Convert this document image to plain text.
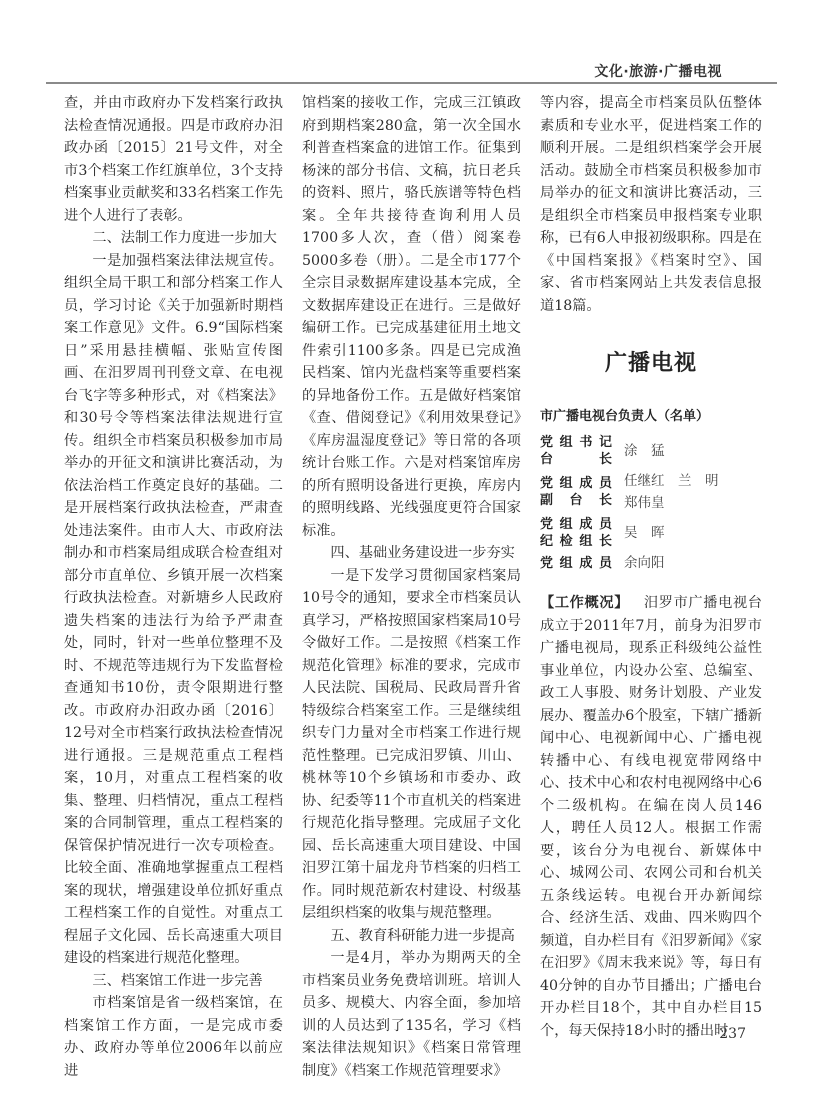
文化·旅游·广播电视

查，并由市政府办下发档案行政执法检查情况通报。四是市政府办汨政办函〔2015〕21号文件，对全市3个档案工作红旗单位，3个支持档案事业贡献奖和33名档案工作先进个人进行了表彰。

二、法制工作力度进一步加大

一是加强档案法律法规宣传。组织全局干职工和部分档案工作人员，学习讨论《关于加强新时期档案工作意见》文件。6.9“国际档案日”采用悬挂横幅、张贴宣传图画、在汨罗周刊刊登文章、在电视台飞字等多种形式，对《档案法》和30号令等档案法律法规进行宣传。组织全市档案员积极参加市局举办的开征文和演讲比赛活动，为依法治档工作奠定良好的基础。二是开展档案行政执法检查，严肃查处违法案件。由市人大、市政府法制办和市档案局组成联合检查组对部分市直单位、乡镇开展一次档案行政执法检查。对新塘乡人民政府遗失档案的违法行为给予严肃查处，同时，针对一些单位整理不及时、不规范等违规行为下发监督检查通知书10份，责令限期进行整改。市政府办汨政办函〔2016〕12号对全市档案行政执法检查情况进行通报。三是规范重点工程档案，10月，对重点工程档案的收集、整理、归档情况，重点工程档案的合同制管理，重点工程档案的保管保护情况进行一次专项检查。比较全面、准确地掌握重点工程档案的现状，增强建设单位抓好重点工程档案工作的自觉性。对重点工程屈子文化园、岳长高速重大项目建设的档案进行规范化整理。

三、档案馆工作进一步完善

市档案馆是省一级档案馆，在档案馆工作方面，一是完成市委办、政府办等单位2006年以前应进

馆档案的接收工作，完成三江镇政府到期档案280盒，第一次全国水利普查档案盒的进馆工作。征集到杨涞的部分书信、文稿，抗日老兵的资料、照片，骆氏族谱等特色档案。全年共接待查询利用人员1700多人次，查（借）阅案卷5000多卷（册）。二是全市177个全宗目录数据库建设基本完成，全文数据库建设正在进行。三是做好编研工作。已完成基建征用土地文件索引1100多条。四是已完成渔民档案、馆内光盘档案等重要档案的异地备份工作。五是做好档案馆《查、借阅登记》《利用效果登记》《库房温湿度登记》等日常的各项统计台账工作。六是对档案馆库房的所有照明设备进行更换，库房内的照明线路、光线强度更符合国家标准。

四、基础业务建设进一步夯实

一是下发学习贯彻国家档案局10号令的通知，要求全市档案员认真学习，严格按照国家档案局10号令做好工作。二是按照《档案工作规范化管理》标准的要求，完成市人民法院、国税局、民政局晋升省特级综合档案室工作。三是继续组织专门力量对全市档案工作进行规范性整理。已完成汨罗镇、川山、桃林等10个乡镇场和市委办、政协、纪委等11个市直机关的档案进行规范化指导整理。完成屈子文化园、岳长高速重大项目建设、中国汨罗江第十届龙舟节档案的归档工作。同时规范新农村建设、村级基层组织档案的收集与规范整理。

五、教育科研能力进一步提高

一是4月，举办为期两天的全市档案员业务免费培训班。培训人员多、规模大、内容全面，参加培训的人员达到了135名，学习《档案法律法规知识》《档案日常管理制度》《档案工作规范管理要求》

等内容，提高全市档案员队伍整体素质和专业水平，促进档案工作的顺利开展。二是组织档案学会开展活动。鼓励全市档案员积极参加市局举办的征文和演讲比赛活动，三是组织全市档案员申报档案专业职称，已有6人申报初级职称。四是在《中国档案报》《档案时空》、国家、省市档案网站上共发表信息报道18篇。

广播电视
市广播电视台负责人（名单）
党组书记
台长
涂　猛
党组成员
副台长
任继红　兰　明
郑伟皇
党组成员
纪检组长
吴　晖
党组成员 余向阳

【工作概况】  汨罗市广播电视台成立于2011年7月，前身为汨罗市广播电视局，现系正科级纯公益性事业单位，内设办公室、总编室、政工人事股、财务计划股、产业发展办、覆盖办6个股室，下辖广播新闻中心、电视新闻中心、广播电视转播中心、有线电视宽带网络中心、技术中心和农村电视网络中心6个二级机构。在编在岗人员146人，聘任人员12人。根据工作需要，该台分为电视台、新媒体中心、城网公司、农网公司和台机关五条线运转。电视台开办新闻综合、经济生活、戏曲、四米购四个频道，自办栏目有《汨罗新闻》《家在汨罗》《周末我来说》等，每日有40分钟的自办节目播出；广播电台开办栏目18个，其中自办栏目15个，每天保持18小时的播出时

237
